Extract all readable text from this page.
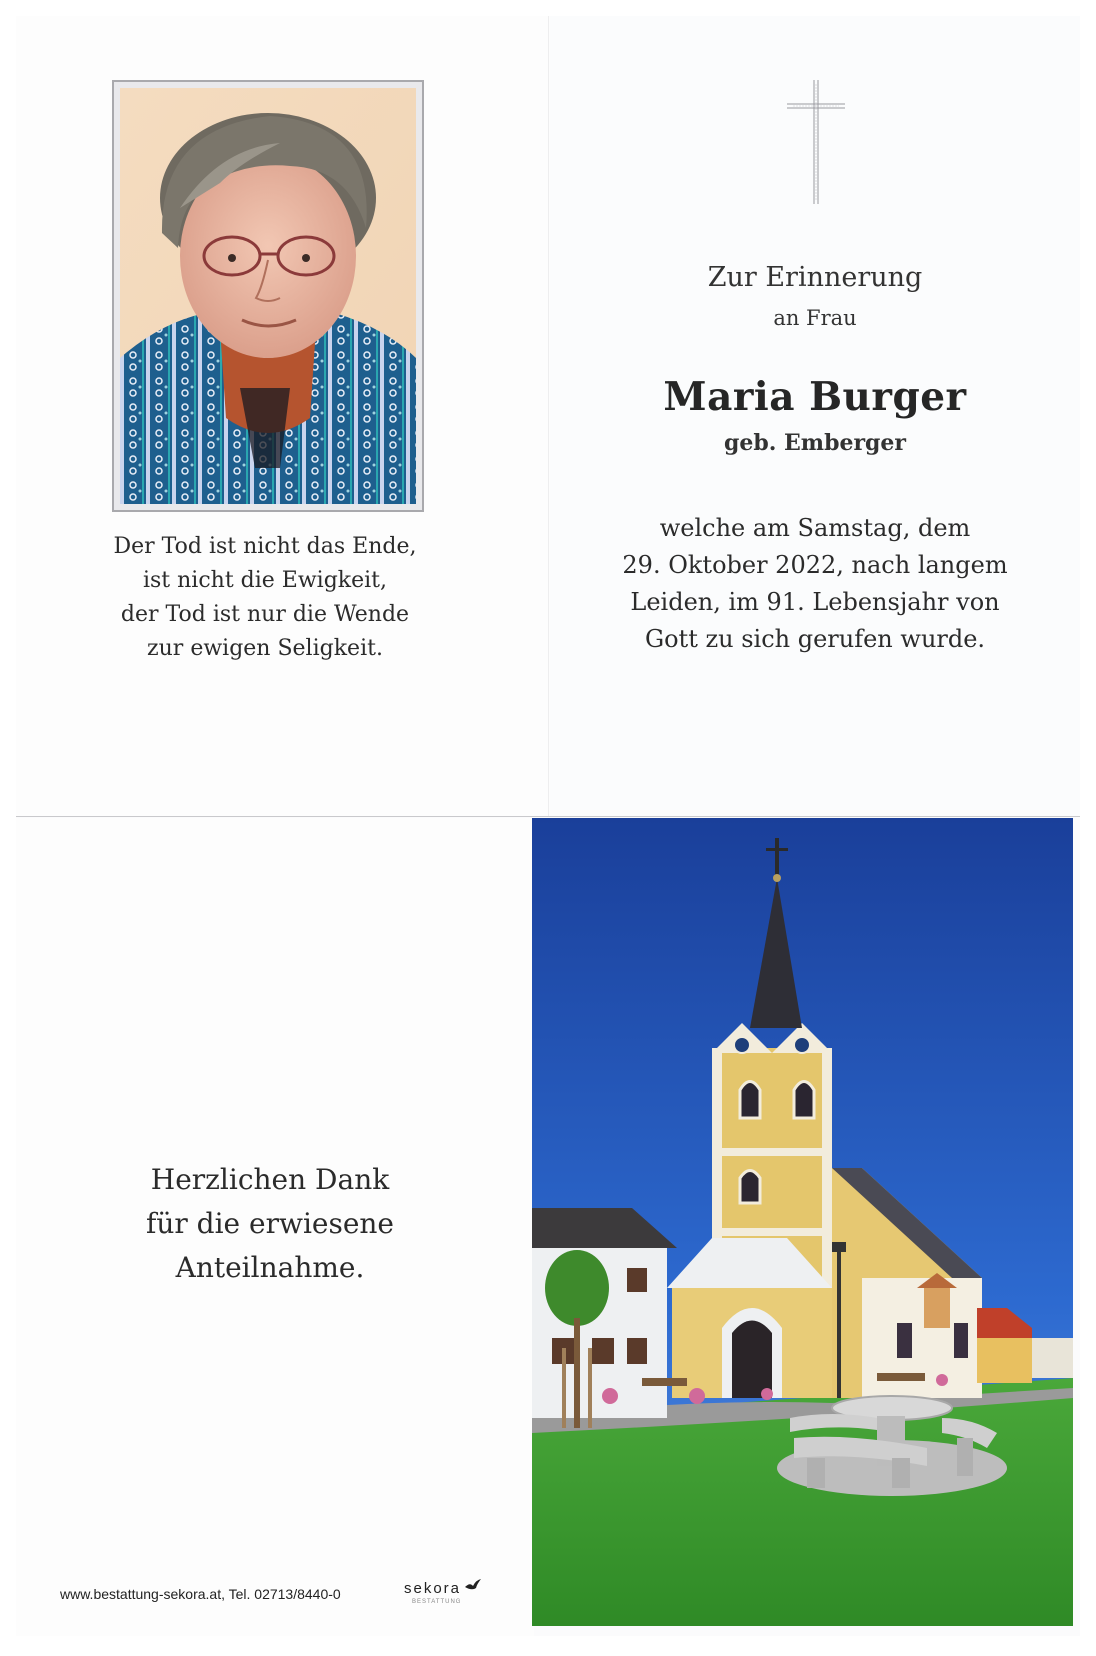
Der Tod ist nicht das Ende,
ist nicht die Ewigkeit,
der Tod ist nur die Wende
zur ewigen Seligkeit.
Zur Erinnerung
an Frau
Maria Burger
geb. Emberger
welche am Samstag, dem
29. Oktober 2022, nach langem
Leiden, im 91. Lebensjahr von
Gott zu sich gerufen wurde.
Herzlichen Dank
für die erwiesene
Anteilnahme.
www.bestattung-sekora.at, Tel. 02713/8440-0	sekora
BESTATTUNG
